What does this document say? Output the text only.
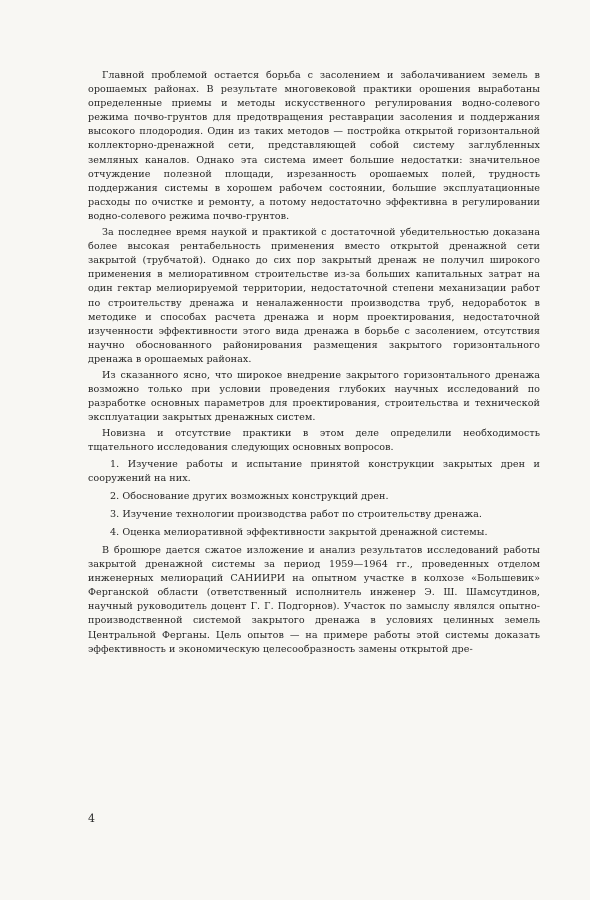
Главной проблемой остается борьба с засолением и заболачиванием земель в орошаемых районах. В результате многовековой практики орошения выработаны определенные приемы и методы искусственного регулирования водно-солевого режима почво-грунтов для предотвращения реставрации засоления и поддержания высокого плодородия. Один из таких методов — постройка открытой горизонтальной коллекторно-дренажной сети, представляющей собой систему заглубленных земляных каналов. Однако эта система имеет большие недостатки: значительное отчуждение полезной площади, изрезанность орошаемых полей, трудность поддержания системы в хорошем рабочем состоянии, большие эксплуатационные расходы по очистке и ремонту, а потому недостаточно эффективна в регулировании водно-солевого режима почво-грунтов.

За последнее время наукой и практикой с достаточной убедительностью доказана более высокая рентабельность применения вместо открытой дренажной сети закрытой (трубчатой). Однако до сих пор закрытый дренаж не получил широкого применения в мелиоративном строительстве из-за больших капитальных затрат на один гектар мелиорируемой территории, недостаточной степени механизации работ по строительству дренажа и неналаженности производства труб, недоработок в методике и способах расчета дренажа и норм проектирования, недостаточной изученности эффективности этого вида дренажа в борьбе с засолением, отсутствия научно обоснованного районирования размещения закрытого горизонтального дренажа в орошаемых районах.

Из сказанного ясно, что широкое внедрение закрытого горизонтального дренажа возможно только при условии проведения глубоких научных исследований по разработке основных параметров для проектирования, строительства и технической эксплуатации закрытых дренажных систем.

Новизна и отсутствие практики в этом деле определили необходимость тщательного исследования следующих основных вопросов.

1. Изучение работы и испытание принятой конструкции закрытых дрен и сооружений на них.

2. Обоснование других возможных конструкций дрен.

3. Изучение технологии производства работ по строительству дренажа.

4. Оценка мелиоративной эффективности закрытой дренажной системы.

В брошюре дается сжатое изложение и анализ результатов исследований работы закрытой дренажной системы за период 1959—1964 гг., проведенных отделом инженерных мелиораций САНИИРИ на опытном участке в колхозе «Большевик» Ферганской области (ответственный исполнитель инженер Э. Ш. Шамсутдинов, научный руководитель доцент Г. Г. Подгорнов). Участок по замыслу являлся опытно-производственной системой закрытого дренажа в условиях целинных земель Центральной Ферганы. Цель опытов — на примере работы этой системы доказать эффективность и экономическую целесообразность замены открытой дре-

4
